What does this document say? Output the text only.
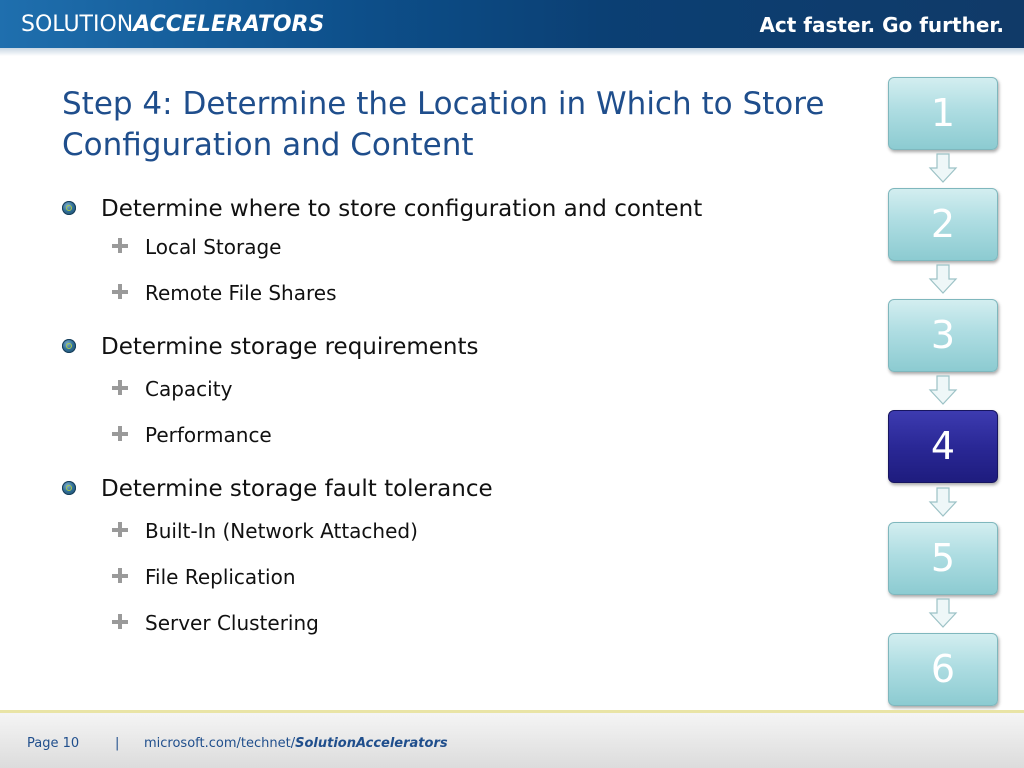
SOLUTIONACCELERATORS	Act faster. Go further.
Step 4: Determine the Location in Which to Store Configuration and Content
Determine where to store configuration and content
Local Storage
Remote File Shares
Determine storage requirements
Capacity
Performance
Determine storage fault tolerance
Built-In (Network Attached)
File Replication
Server Clustering
1
2
3
4
5
6
Page 10	| microsoft.com/technet/SolutionAccelerators
